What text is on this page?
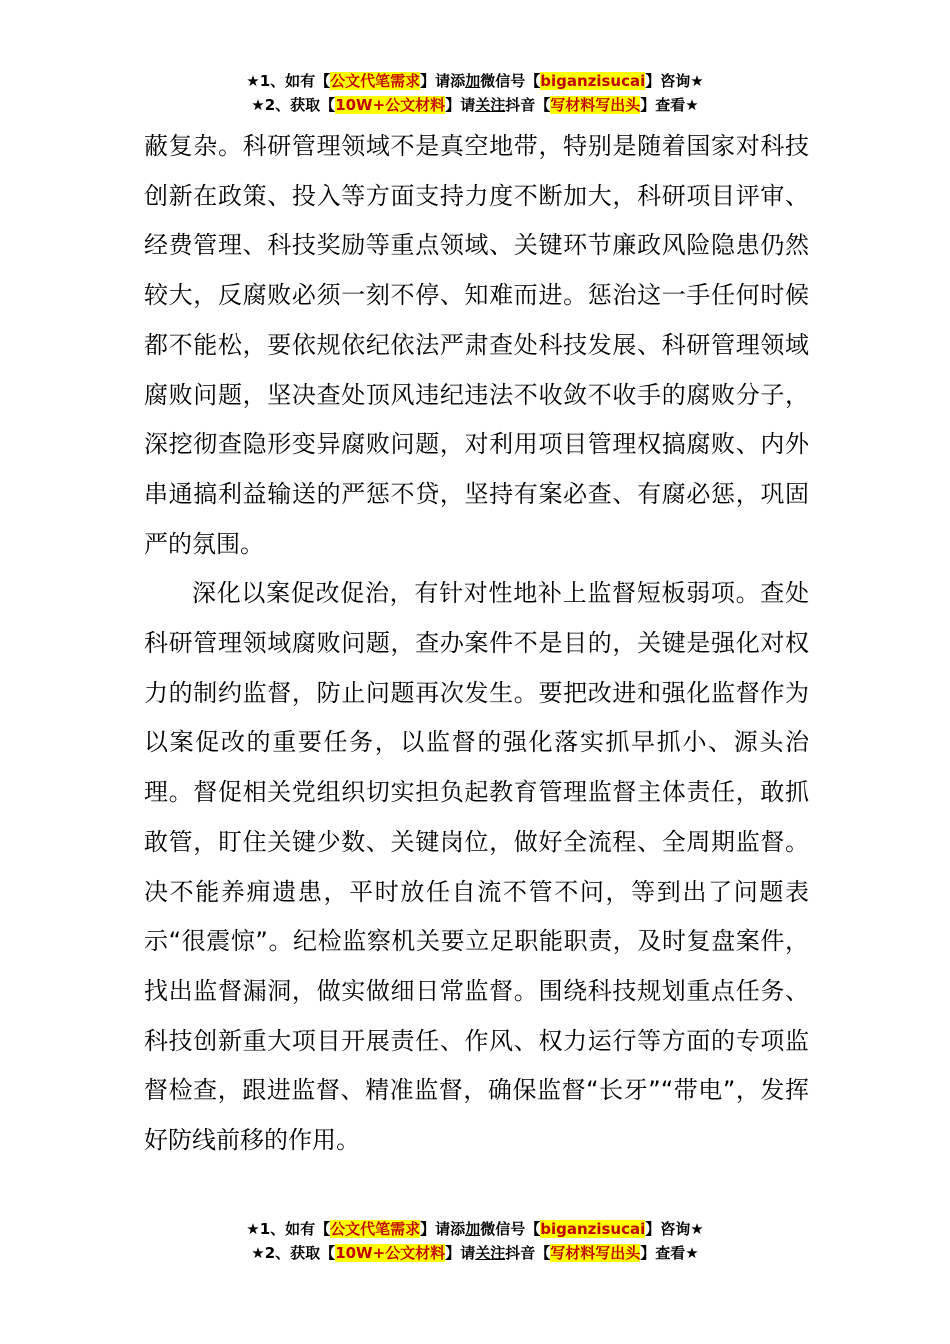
★1、如有【公文代笔需求】请添加微信号【biganzisucai】咨询★
★2、获取【10W+公文材料】请关注抖音【写材料写出头】查看★

蔽复杂。科研管理领域不是真空地带，特别是随着国家对科技创新在政策、投入等方面支持力度不断加大，科研项目评审、经费管理、科技奖励等重点领域、关键环节廉政风险隐患仍然较大，反腐败必须一刻不停、知难而进。惩治这一手任何时候都不能松，要依规依纪依法严肃查处科技发展、科研管理领域腐败问题，坚决查处顶风违纪违法不收敛不收手的腐败分子，深挖彻查隐形变异腐败问题，对利用项目管理权搞腐败、内外串通搞利益输送的严惩不贷，坚持有案必查、有腐必惩，巩固严的氛围。

深化以案促改促治，有针对性地补上监督短板弱项。查处科研管理领域腐败问题，查办案件不是目的，关键是强化对权力的制约监督，防止问题再次发生。要把改进和强化监督作为以案促改的重要任务，以监督的强化落实抓早抓小、源头治理。督促相关党组织切实担负起教育管理监督主体责任，敢抓敢管，盯住关键少数、关键岗位，做好全流程、全周期监督。决不能养痈遗患，平时放任自流不管不问，等到出了问题表示“很震惊”。纪检监察机关要立足职能职责，及时复盘案件，找出监督漏洞，做实做细日常监督。围绕科技规划重点任务、科技创新重大项目开展责任、作风、权力运行等方面的专项监督检查，跟进监督、精准监督，确保监督“长牙”“带电”，发挥好防线前移的作用。

★1、如有【公文代笔需求】请添加微信号【biganzisucai】咨询★
★2、获取【10W+公文材料】请关注抖音【写材料写出头】查看★
